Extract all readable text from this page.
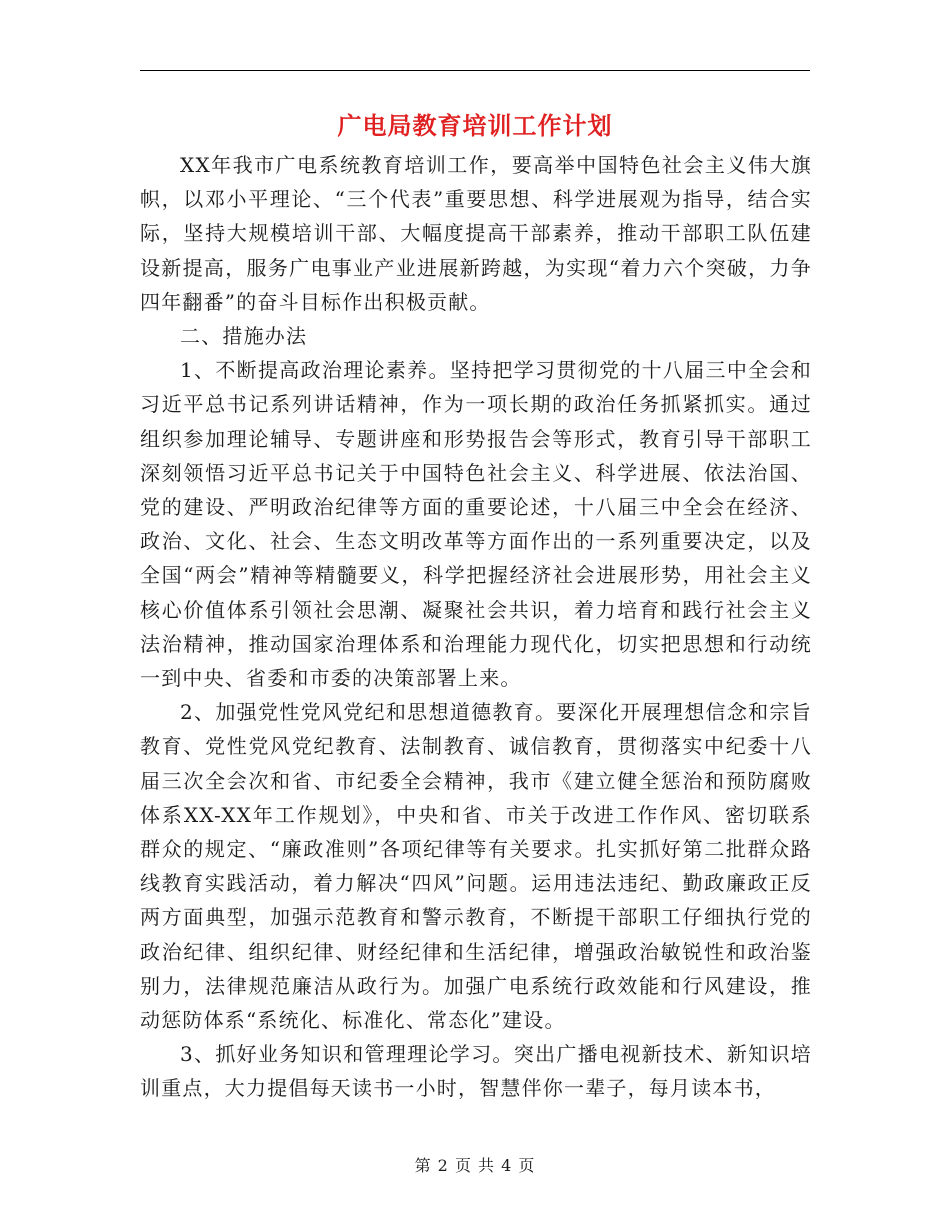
广电局教育培训工作计划

XX年我市广电系统教育培训工作，要高举中国特色社会主义伟大旗帜，以邓小平理论、“三个代表”重要思想、科学进展观为指导，结合实际，坚持大规模培训干部、大幅度提高干部素养，推动干部职工队伍建设新提高，服务广电事业产业进展新跨越，为实现“着力六个突破，力争四年翻番”的奋斗目标作出积极贡献。

二、措施办法

1、不断提高政治理论素养。坚持把学习贯彻党的十八届三中全会和习近平总书记系列讲话精神，作为一项长期的政治任务抓紧抓实。通过组织参加理论辅导、专题讲座和形势报告会等形式，教育引导干部职工深刻领悟习近平总书记关于中国特色社会主义、科学进展、依法治国、党的建设、严明政治纪律等方面的重要论述，十八届三中全会在经济、政治、文化、社会、生态文明改革等方面作出的一系列重要决定，以及全国“两会”精神等精髓要义，科学把握经济社会进展形势，用社会主义核心价值体系引领社会思潮、凝聚社会共识，着力培育和践行社会主义法治精神，推动国家治理体系和治理能力现代化，切实把思想和行动统一到中央、省委和市委的决策部署上来。

2、加强党性党风党纪和思想道德教育。要深化开展理想信念和宗旨教育、党性党风党纪教育、法制教育、诚信教育，贯彻落实中纪委十八届三次全会次和省、市纪委全会精神，我市《建立健全惩治和预防腐败体系XX-XX年工作规划》，中央和省、市关于改进工作作风、密切联系群众的规定、“廉政准则”各项纪律等有关要求。扎实抓好第二批群众路线教育实践活动，着力解决“四风”问题。运用违法违纪、勤政廉政正反两方面典型，加强示范教育和警示教育，不断提干部职工仔细执行党的政治纪律、组织纪律、财经纪律和生活纪律，增强政治敏锐性和政治鉴别力，法律规范廉洁从政行为。加强广电系统行政效能和行风建设，推动惩防体系“系统化、标准化、常态化”建设。

3、抓好业务知识和管理理论学习。突出广播电视新技术、新知识培训重点，大力提倡每天读书一小时，智慧伴你一辈子，每月读本书，

第 2 页 共 4 页
